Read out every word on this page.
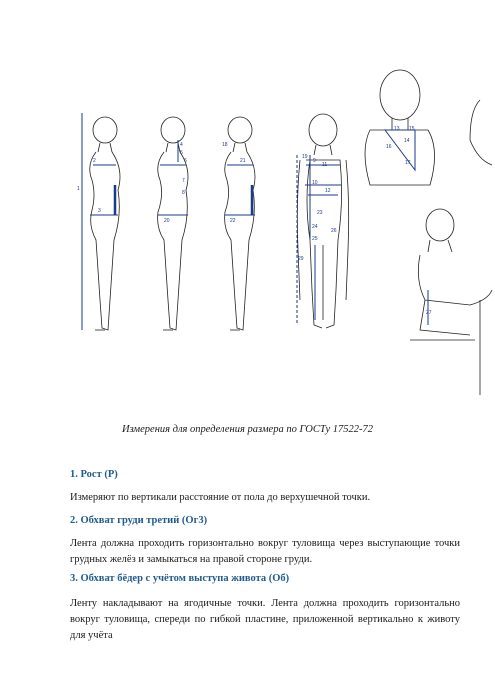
1
2
3
4
5
6
7
8
20
18
21
22
9
10
11
12
19
23
24
25
26
29
13
14
15
16
17
27
Измерения для определения размера по ГОСТу 17522-72
1. Рост (Р)
Измеряют по вертикали расстояние от пола до верхушечной точки.
2. Обхват груди третий (Ог3)
Лента должна проходить горизонтально вокруг туловища через выступающие точки грудных желёз и замыкаться на правой стороне груди.
3. Обхват бёдер с учётом выступа живота (Об)
Ленту накладывают на ягодичные точки. Лента должна проходить горизонтально вокруг туловища, спереди по гибкой пластине, приложенной вертикально к животу для учёта
